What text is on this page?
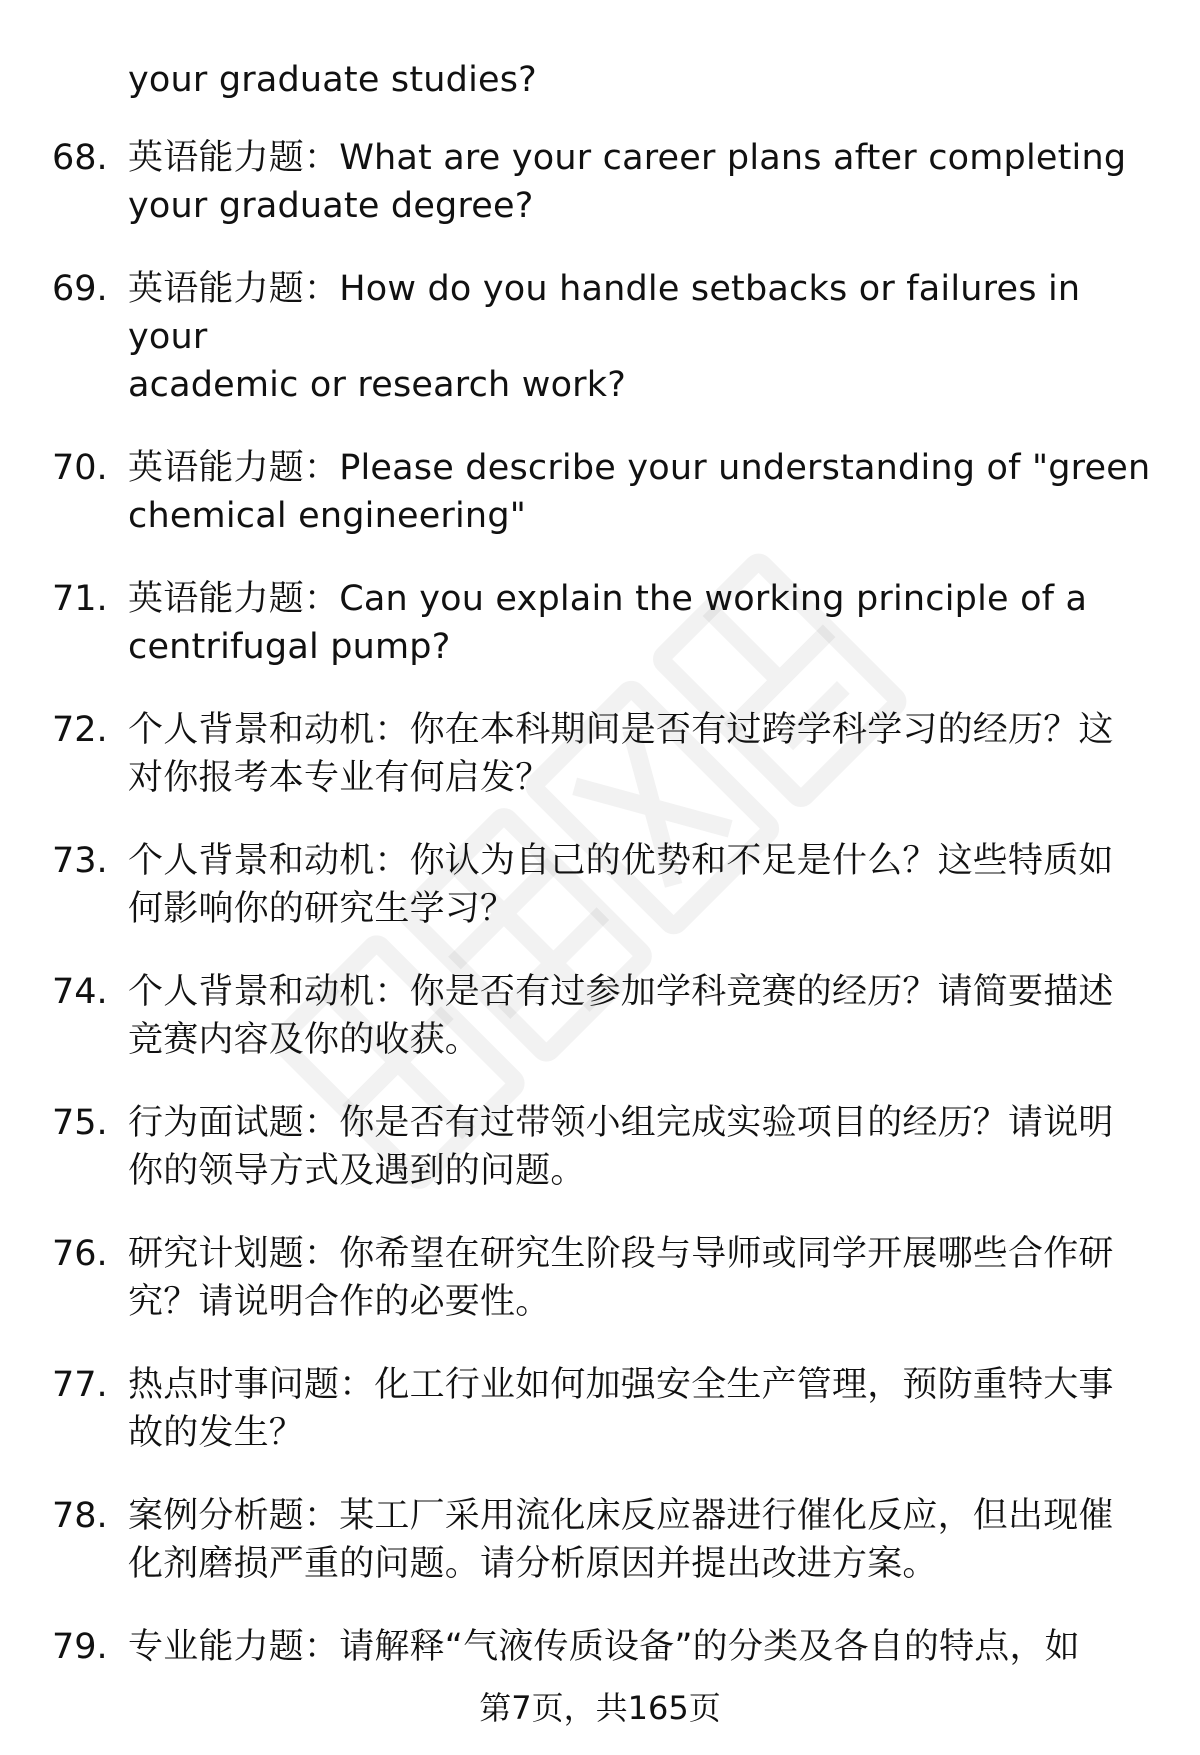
your graduate studies?
68. 英语能力题：What are your career plans after completing
your graduate degree?
69. 英语能力题：How do you handle setbacks or failures in your
academic or research work?
70. 英语能力题：Please describe your understanding of "green
chemical engineering"
71. 英语能力题：Can you explain the working principle of a
centrifugal pump?
72. 个人背景和动机：你在本科期间是否有过跨学科学习的经历？这
对你报考本专业有何启发？
73. 个人背景和动机：你认为自己的优势和不足是什么？这些特质如
何影响你的研究生学习？
74. 个人背景和动机：你是否有过参加学科竞赛的经历？请简要描述
竞赛内容及你的收获。
75. 行为面试题：你是否有过带领小组完成实验项目的经历？请说明
你的领导方式及遇到的问题。
76. 研究计划题：你希望在研究生阶段与导师或同学开展哪些合作研
究？请说明合作的必要性。
77. 热点时事问题：化工行业如何加强安全生产管理，预防重特大事
故的发生？
78. 案例分析题：某工厂采用流化床反应器进行催化反应，但出现催
化剂磨损严重的问题。请分析原因并提出改进方案。
79. 专业能力题：请解释“气液传质设备”的分类及各自的特点，如
第7页，共165页
